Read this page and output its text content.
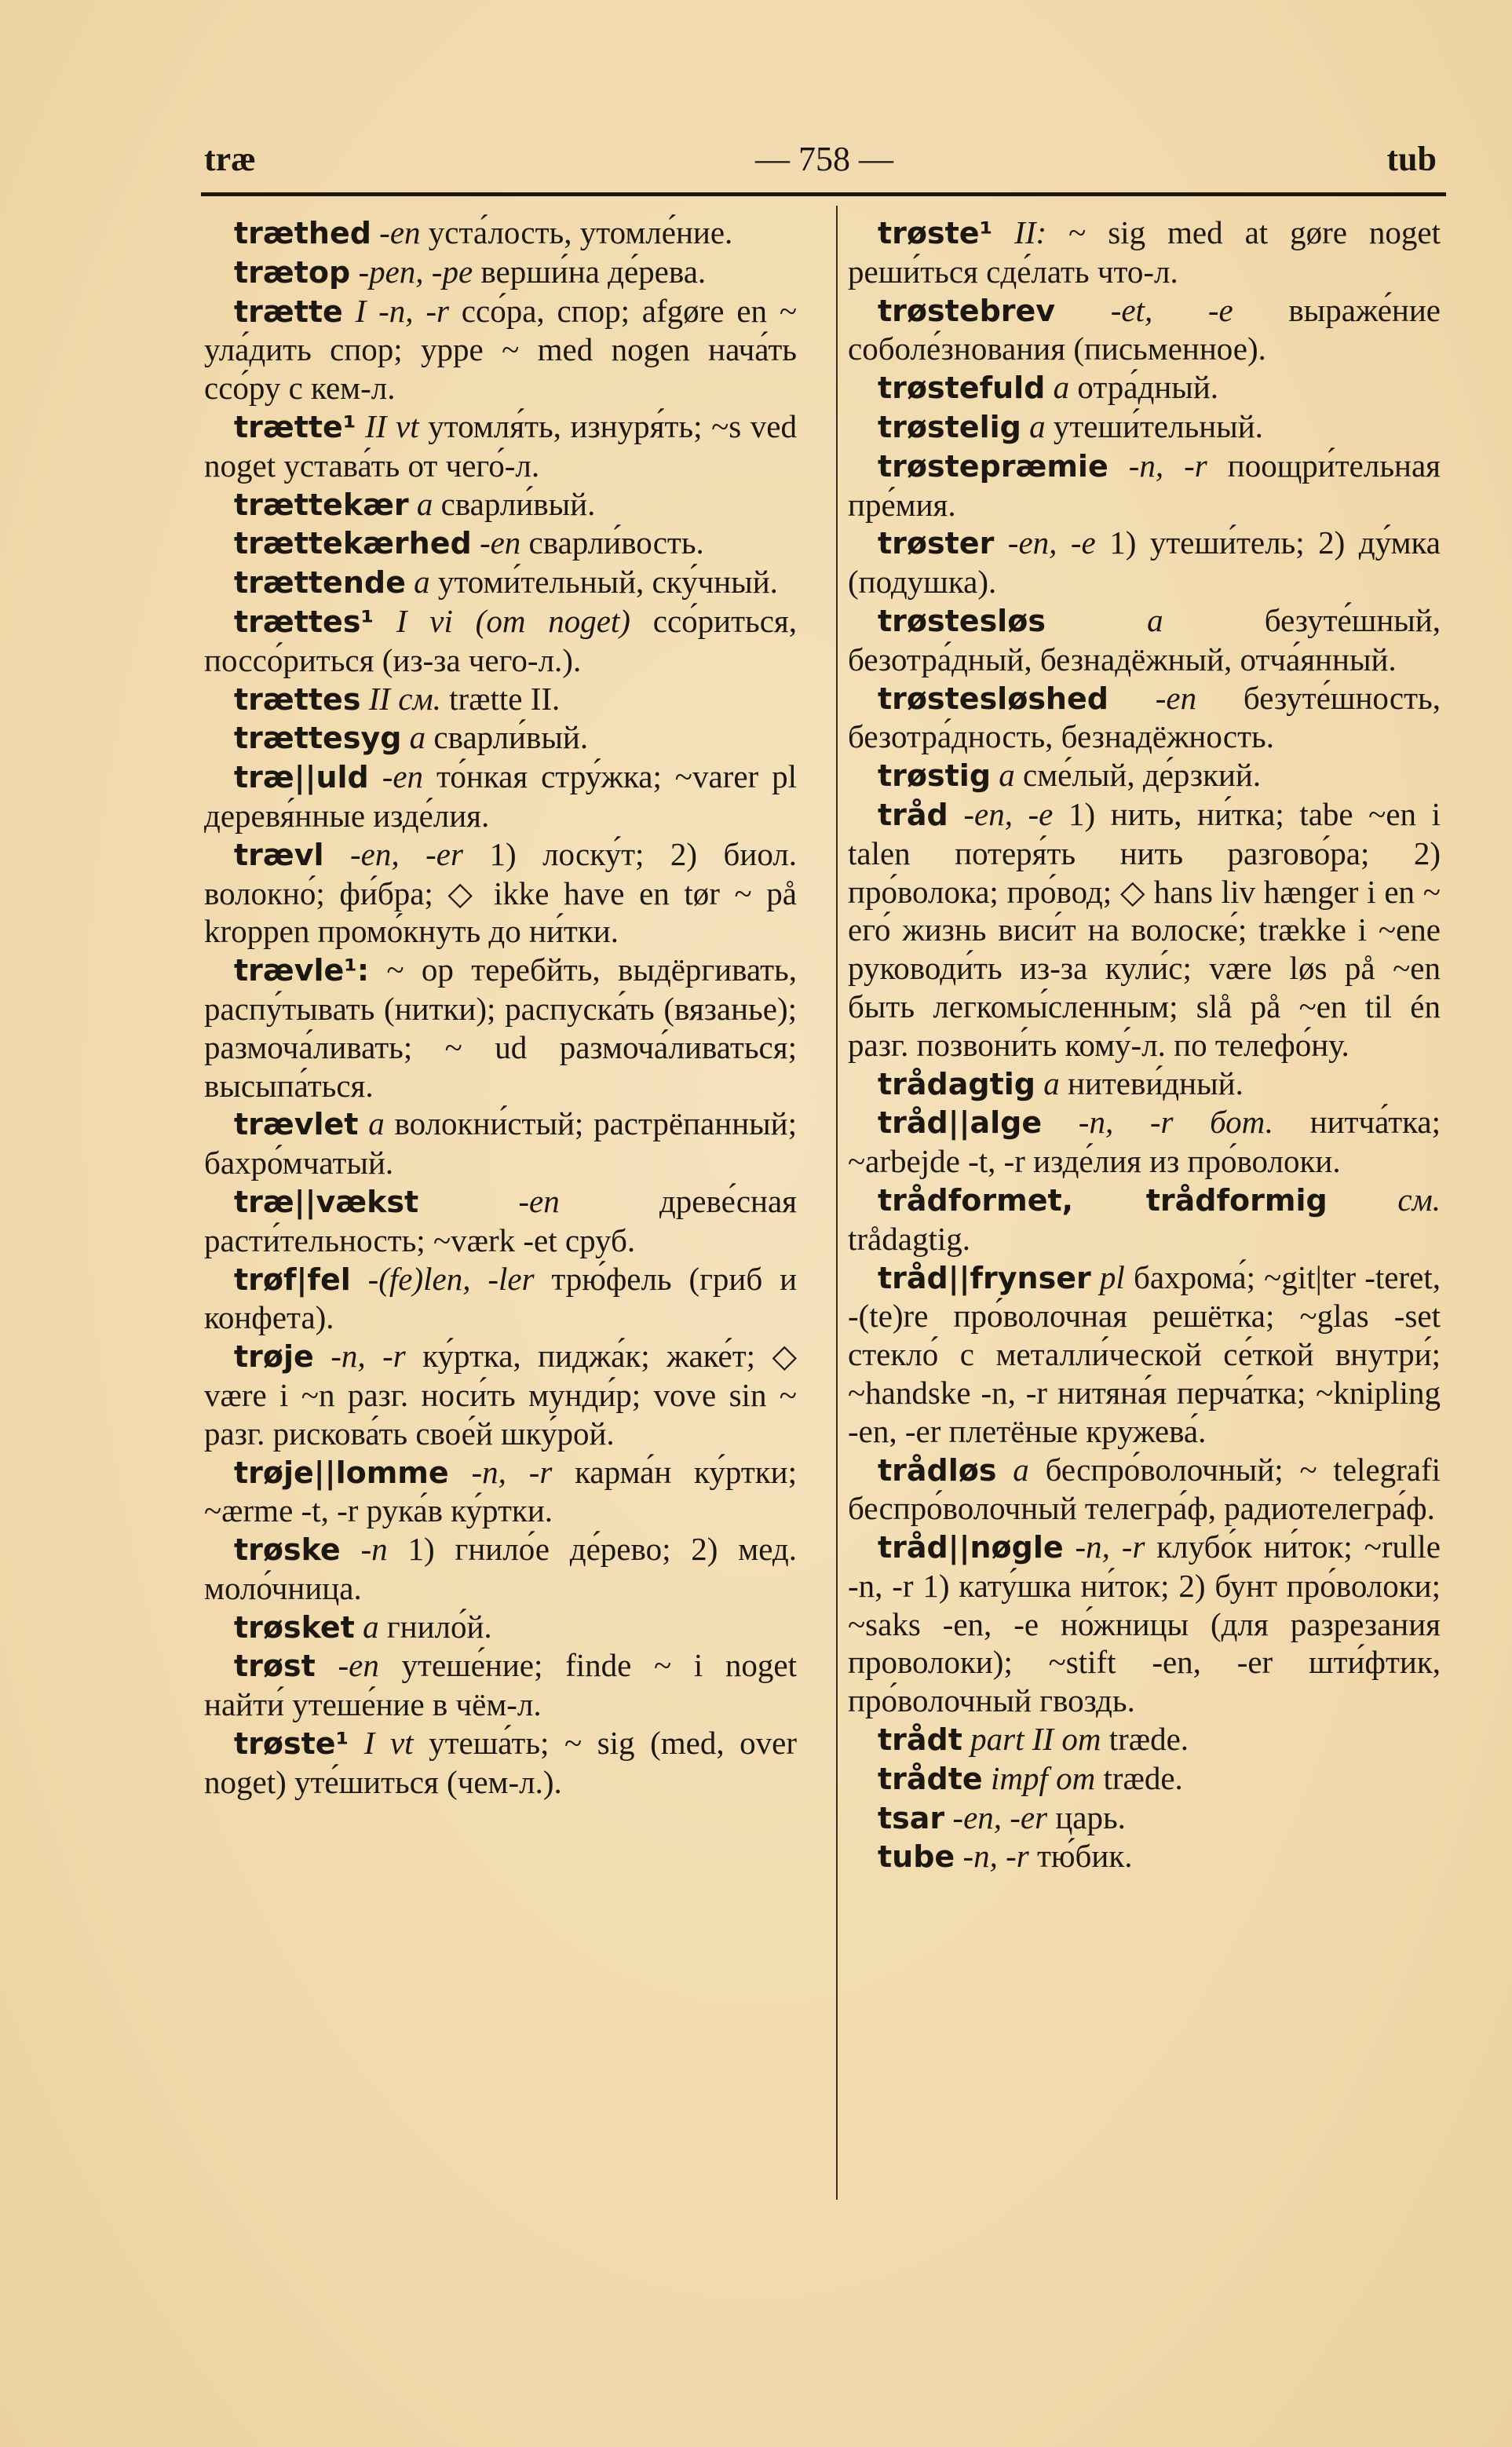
træ	— 758 —	tub

træthed -en уста́лость, утомле́ние.

trætop -pen, -pe верши́на де́рева.

trætte I -n, -r ссо́ра, спор; afgøre en ~ ула́дить спор; yppe ~ med nogen нача́ть ссо́ру с кем-л.

trætte¹ II vt утомля́ть, изнуря́ть; ~s ved noget устава́ть от чего́-л.

trættekær a сварли́вый.

trættekærhed -en сварли́вость.

trættende a утоми́тельный, ску́чный.

trættes¹ I vi (om noget) ссо́риться, поссо́риться (из-за чего-л.).

trættes II см. trætte II.

trættesyg a сварли́вый.

træ||uld -en то́нкая стру́жка; ~varer pl деревя́нные изде́лия.

trævl -en, -er 1) лоску́т; 2) биол. волокно́; фи́бра; ◇ ikke have en tør ~ på kroppen промо́кнуть до ни́тки.

trævle¹: ~ op теребйть, выдёргивать, распу́тывать (нитки); распуска́ть (вязанье); размоча́ливать; ~ ud размоча́ливаться; высыпа́ться.

trævlet a волокни́стый; растрёпанный; бахро́мчатый.

træ||vækst	-en	древе́сная расти́тельность; ~værk -et сруб.

trøf|fel -(fe)len, -ler трю́фель (гриб и конфета).

trøje -n, -r ку́ртка, пиджа́к; жаке́т; ◇ være i ~n разг. носи́ть мунди́р; vove sin ~ разг. рискова́ть свое́й шку́рой.

trøje||lomme -n, -r карма́н ку́ртки; ~ærme -t, -r рука́в ку́ртки.

trøske -n 1) гнило́е де́рево; 2) мед. моло́чница.

trøsket a гнило́й.

trøst -en утеше́ние; finde ~ i noget найти́ утеше́ние в чём-л.

trøste¹ I vt утеша́ть; ~ sig (med, over noget) уте́шиться (чем-л.).

trøste¹ II: ~ sig med at gøre noget реши́ться сде́лать что-л.

trøstebrev -et, -e выраже́ние соболе́знования (письменное).

trøstefuld a отра́дный.

trøstelig a утеши́тельный.

trøstepræmie -n, -r поощри́тельная пре́мия.

trøster -en, -e 1) утеши́тель; 2) ду́мка (подушка).

trøstesløs	a	безуте́шный, безотра́дный, безнадёжный, отча́янный.

trøstesløshed -en безуте́шность, безотра́дность, безнадёжность.

trøstig a сме́лый, де́рзкий.

tråd -en, -e 1) нить, ни́тка; tabe ~en i talen потеря́ть нить разгово́ра; 2) про́волока; про́вод; ◇ hans liv hænger i en ~ его́ жизнь виси́т на волоске́; trække i ~ene руководи́ть из-за кули́с; være løs på ~en быть легкомы́сленным; slå på ~en til én разг. позвони́ть кому́-л. по телефо́ну.

trådagtig a нитеви́дный.

tråd||alge -n, -r бот. нитча́тка; ~arbejde -t, -r изде́лия из про́волоки.

trådformet, trådformig см. trådagtig.

tråd||frynser pl бахрома́; ~git|ter -teret, -(te)re про́волочная решётка; ~glas -set стекло́ с металли́ческой се́ткой внутри́; ~handske -n, -r нитяна́я перча́тка; ~knipling -en, -er плетёные кружева́.

trådløs a беспро́волочный; ~ telegrafi беспро́волочный телегра́ф, радиотелегра́ф.

tråd||nøgle -n, -r клубо́к ни́ток; ~rulle -n, -r 1) кату́шка ни́ток; 2) бунт про́волоки; ~saks -en, -e но́жницы (для разрезания проволоки); ~stift -en, -er шти́фтик, про́волочный гвоздь.

trådt part II om træde.

trådte impf om træde.

tsar -en, -er царь.

tube -n, -r тю́бик.
